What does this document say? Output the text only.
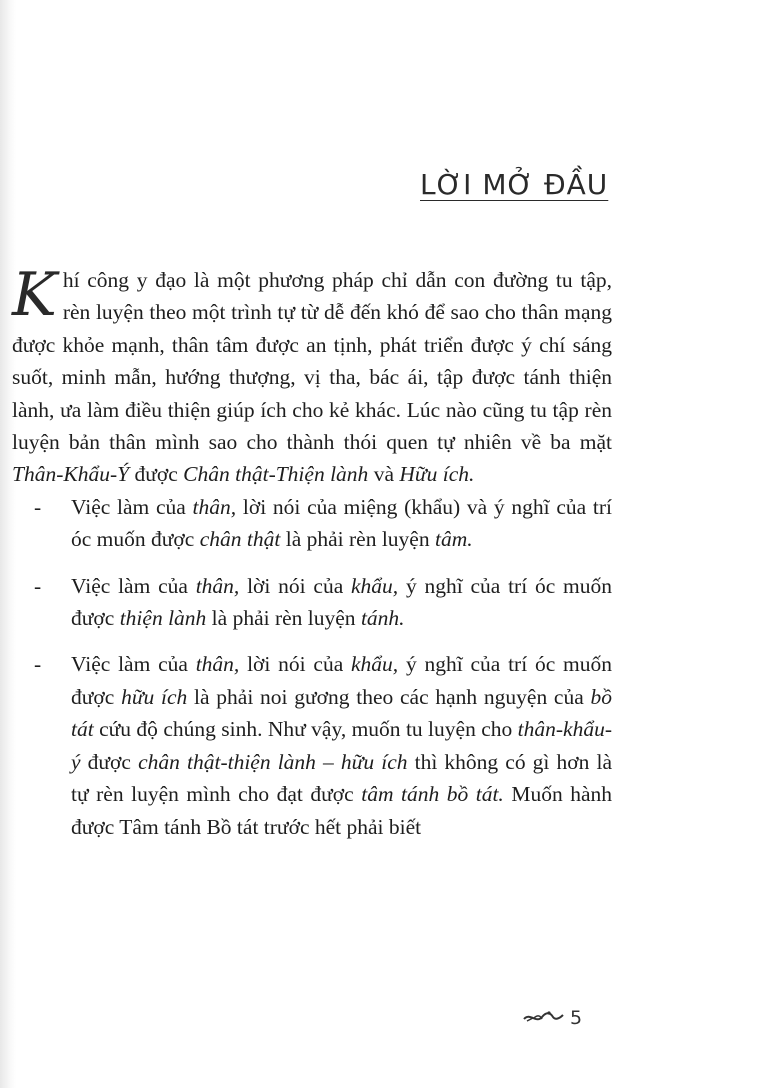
LỜI MỞ ĐẦU

Khí công y đạo là một phương pháp chỉ dẫn con đường tu tập, rèn luyện theo một trình tự từ dễ đến khó để sao cho thân mạng được khỏe mạnh, thân tâm được an tịnh, phát triển được ý chí sáng suốt, minh mẫn, hướng thượng, vị tha, bác ái, tập được tánh thiện lành, ưa làm điều thiện giúp ích cho kẻ khác. Lúc nào cũng tu tập rèn luyện bản thân mình sao cho thành thói quen tự nhiên về ba mặt Thân-Khẩu-Ý được Chân thật-Thiện lành và Hữu ích.

- Việc làm của thân, lời nói của miệng (khẩu) và ý nghĩ của trí óc muốn được chân thật là phải rèn luyện tâm.

- Việc làm của thân, lời nói của khẩu, ý nghĩ của trí óc muốn được thiện lành là phải rèn luyện tánh.

- Việc làm của thân, lời nói của khẩu, ý nghĩ của trí óc muốn được hữu ích là phải noi gương theo các hạnh nguyện của bồ tát cứu độ chúng sinh. Như vậy, muốn tu luyện cho thân-khẩu-ý được chân thật-thiện lành – hữu ích thì không có gì hơn là tự rèn luyện mình cho đạt được tâm tánh bồ tát. Muốn hành được Tâm tánh Bồ tát trước hết phải biết

5
